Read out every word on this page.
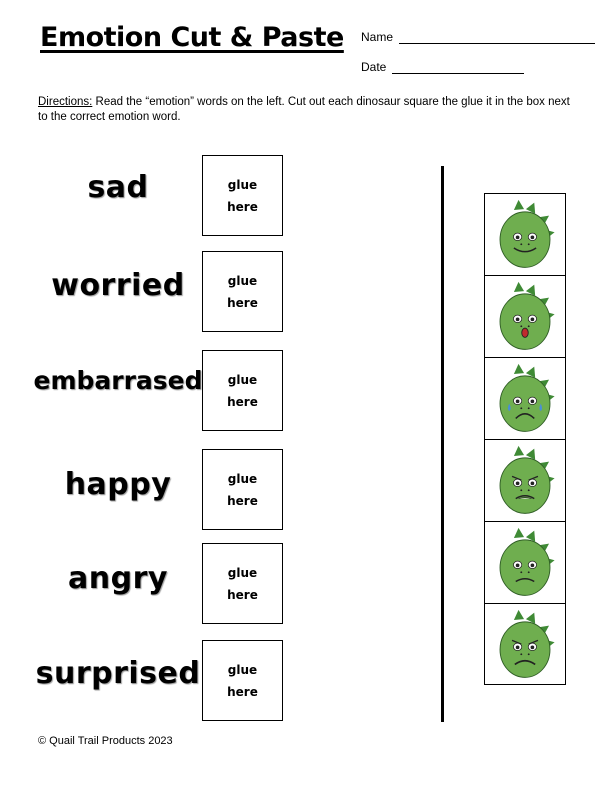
Emotion Cut & Paste Name
Date
Directions: Read the “emotion” words on the left. Cut out each dinosaur square the glue it in the box next to the correct emotion word.
sad
worried
embarrased
happy
angry
surprised
glue
here
glue
here
glue
here
glue
here
glue
here
glue
here
© Quail Trail Products 2023
